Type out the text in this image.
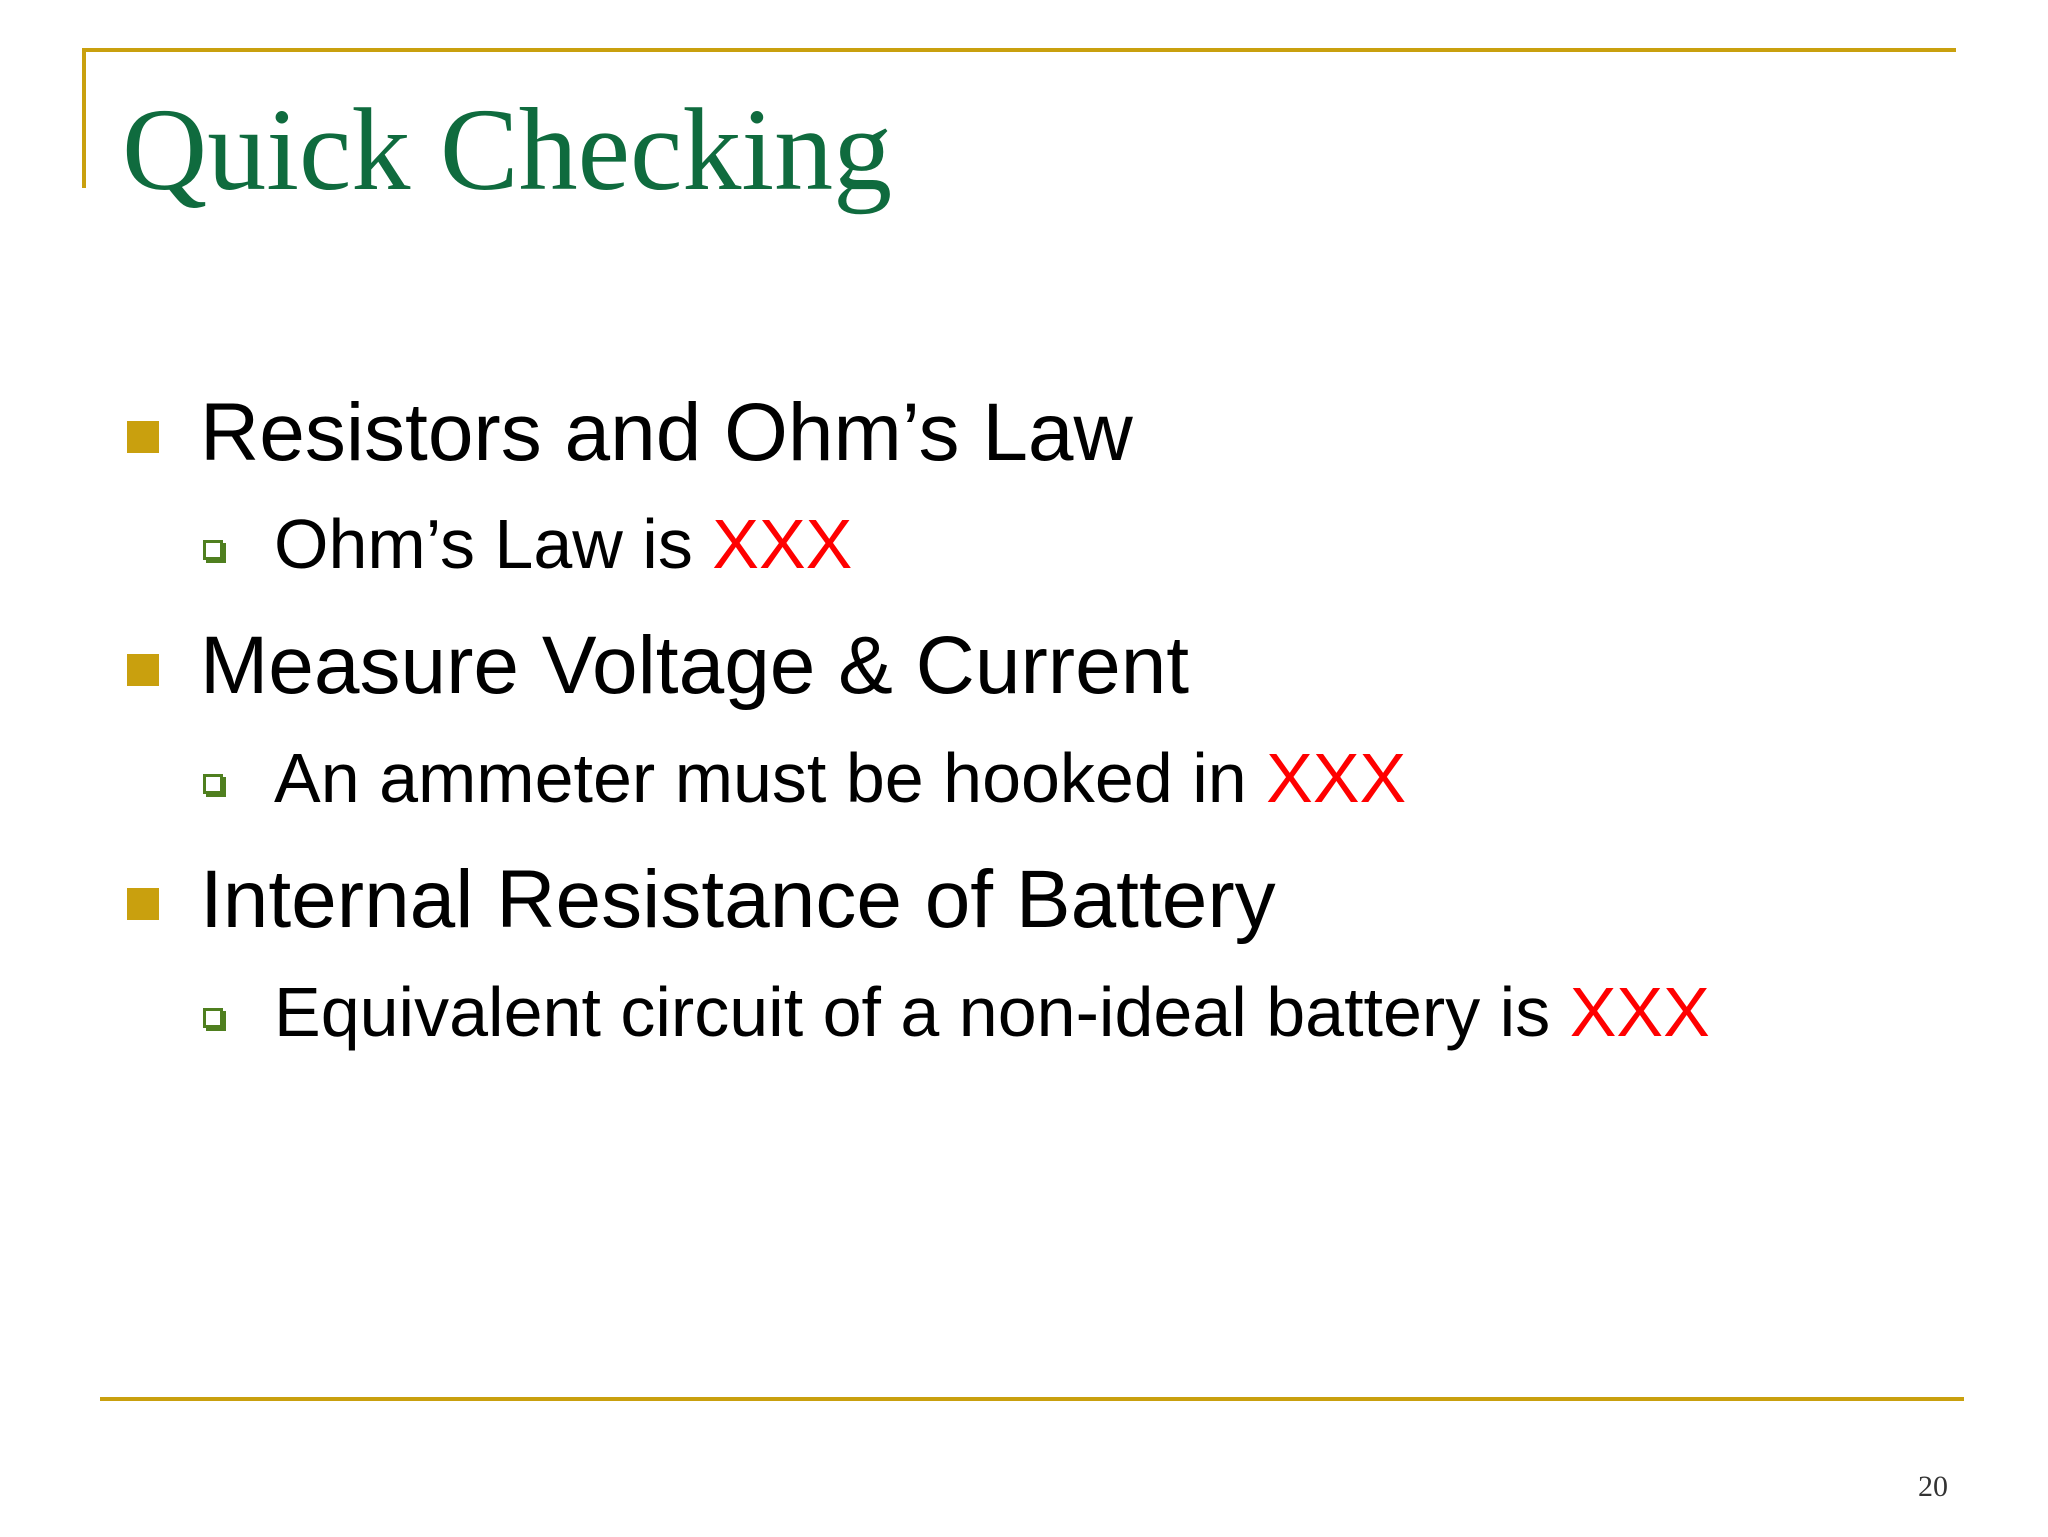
Quick Checking
Resistors and Ohm’s Law
Ohm’s Law is XXX
Measure Voltage & Current
An ammeter must be hooked in XXX
Internal Resistance of Battery
Equivalent circuit of a non-ideal battery is XXX
20
